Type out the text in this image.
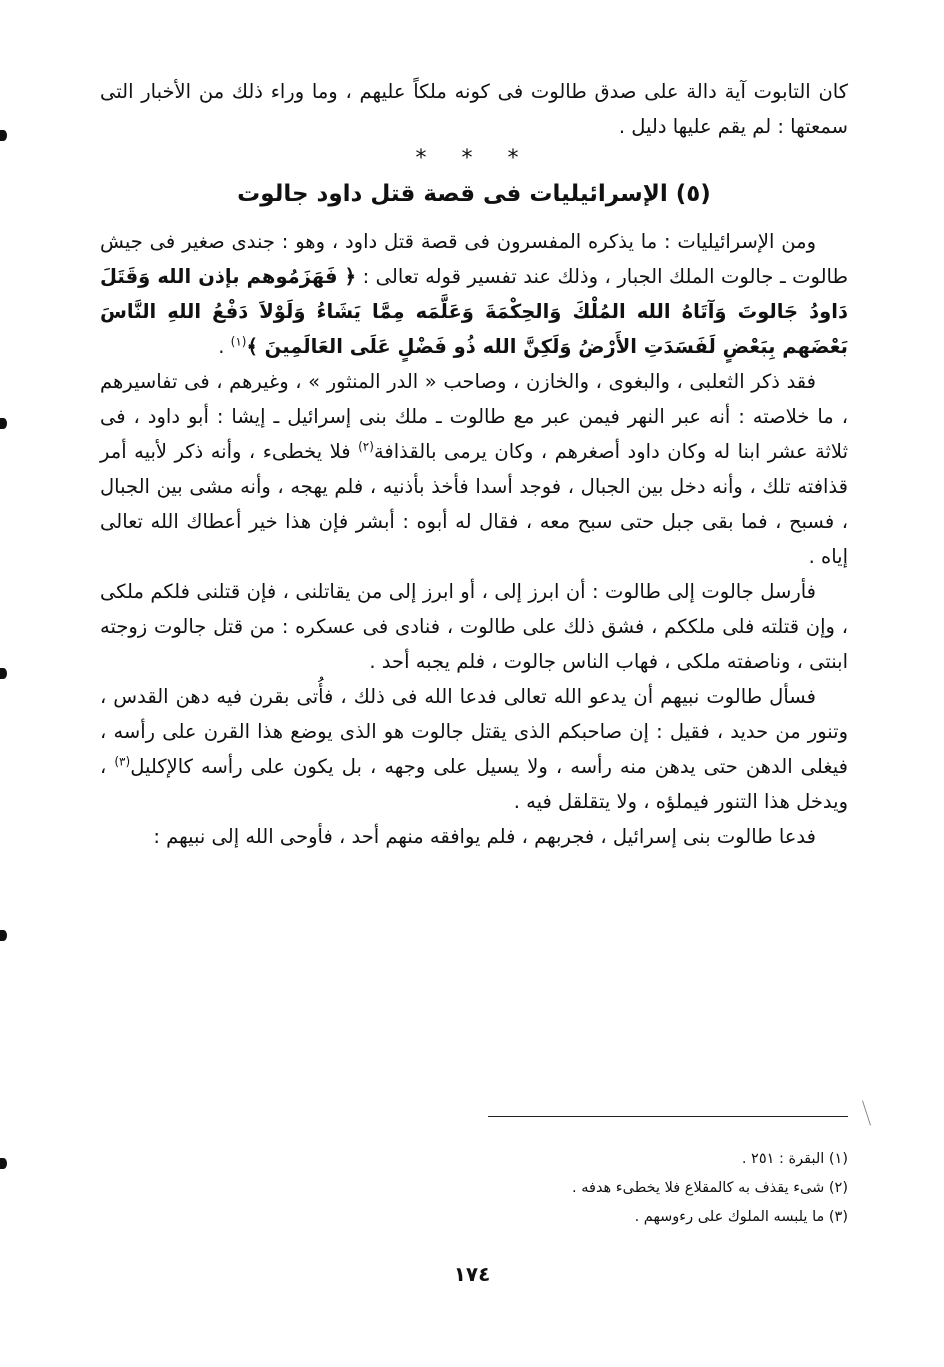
كان التابوت آية دالة على صدق طالوت فى كونه ملكاً عليهم ، وما وراء ذلك من الأخبار التى سمعتها : لم يقم عليها دليل .

* * *
(٥) الإسرائيليات فى قصة قتل داود جالوت

ومن الإسرائيليات : ما يذكره المفسرون فى قصة قتل داود ، وهو : جندى صغير فى جيش طالوت ـ جالوت الملك الجبار ، وذلك عند تفسير قوله تعالى : ﴿ فَهَزَمُوهم بإذن الله وَقَتَلَ دَاودُ جَالوتَ وَآتَاهُ الله المُلْكَ وَالحِكْمَةَ وَعَلَّمَه مِمَّا يَشَاءُ وَلَوْلاَ دَفْعُ اللهِ النَّاسَ بَعْضَهم بِبَعْضٍ لَفَسَدَتِ الأَرْضُ وَلَكِنَّ الله ذُو فَضْلٍ عَلَى العَالَمِينَ ﴾$^{(١)}$ .

فقد ذكر الثعلبى ، والبغوى ، والخازن ، وصاحب « الدر المنثور » ، وغيرهم ، فى تفاسيرهم ، ما خلاصته : أنه عبر النهر فيمن عبر مع طالوت ـ ملك بنى إسرائيل ـ إيشا : أبو داود ، فى ثلاثة عشر ابنا له وكان داود أصغرهم ، وكان يرمى بالقذافة$^{(٢)}$ فلا يخطىء ، وأنه ذكر لأبيه أمر قذافته تلك ، وأنه دخل بين الجبال ، فوجد أسدا فأخذ بأذنيه ، فلم يهجه ، وأنه مشى بين الجبال ، فسبح ، فما بقى جبل حتى سبح معه ، فقال له أبوه : أبشر فإن هذا خير أعطاك الله تعالى إياه .

فأرسل جالوت إلى طالوت : أن ابرز إلى ، أو ابرز إلى من يقاتلنى ، فإن قتلنى فلكم ملكى ، وإن قتلته فلى ملككم ، فشق ذلك على طالوت ، فنادى فى عسكره : من قتل جالوت زوجته ابنتى ، وناصفته ملكى ، فهاب الناس جالوت ، فلم يجبه أحد .

فسأل طالوت نبيهم أن يدعو الله تعالى فدعا الله فى ذلك ، فأُتى بقرن فيه دهن القدس ، وتنور من حديد ، فقيل : إن صاحبكم الذى يقتل جالوت هو الذى يوضع هذا القرن على رأسه ، فيغلى الدهن حتى يدهن منه رأسه ، ولا يسيل على وجهه ، بل يكون على رأسه كالإكليل$^{(٣)}$ ، ويدخل هذا التنور فيملؤه ، ولا يتقلقل فيه .

فدعا طالوت بنى إسرائيل ، فجربهم ، فلم يوافقه منهم أحد ، فأوحى الله إلى نبيهم :

(١) البقرة : ٢٥١ .
(٢) شىء يقذف به كالمقلاع فلا يخطىء هدفه .
(٣) ما يلبسه الملوك على رءوسهم .
١٧٤
